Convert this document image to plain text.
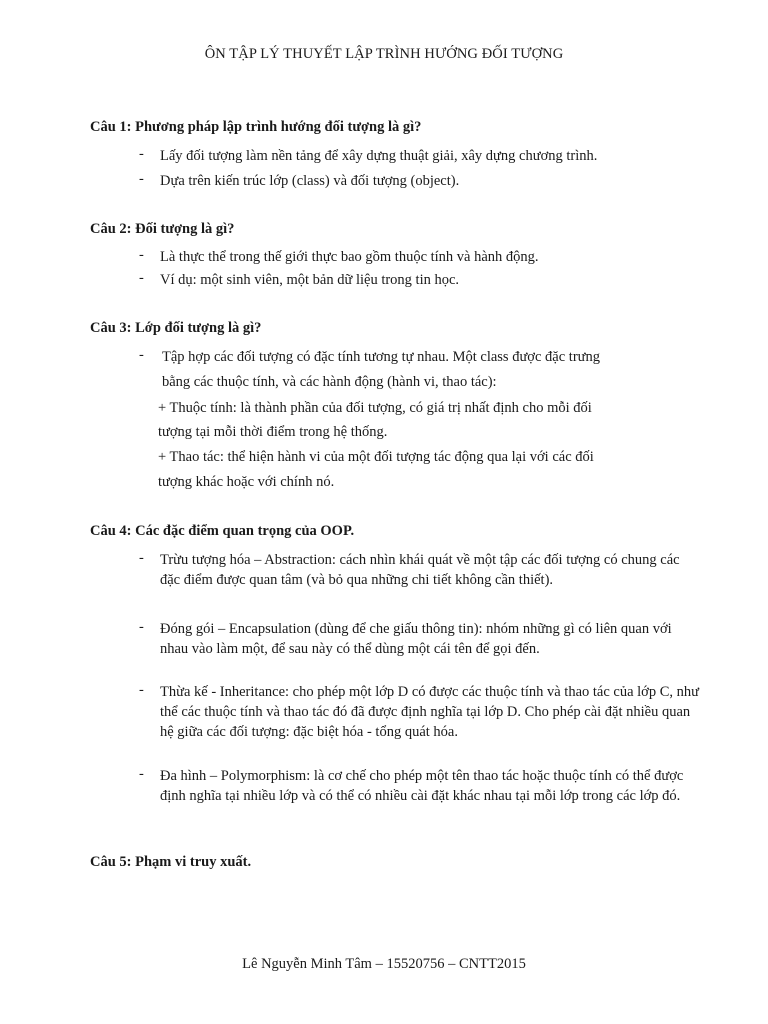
ÔN TẬP LÝ THUYẾT LẬP TRÌNH HƯỚNG ĐỐI TƯỢNG
Câu 1: Phương pháp lập trình hướng đối tượng là gì?
- Lấy đối tượng làm nền tảng để xây dựng thuật giải, xây dựng chương trình.
- Dựa trên kiến trúc lớp (class) và đối tượng (object).
Câu 2: Đối tượng là gì?
- Là thực thể trong thế giới thực bao gồm thuộc tính và hành động.
- Ví dụ: một sinh viên, một bản dữ liệu trong tin học.
Câu 3: Lớp đối tượng là gì?
- Tập hợp các đối tượng có đặc tính tương tự nhau. Một class được đặc trưng
bằng các thuộc tính, và các hành động (hành vi, thao tác):
+ Thuộc tính: là thành phần của đối tượng, có giá trị nhất định cho mỗi đối
tượng tại mỗi thời điểm trong hệ thống.
+ Thao tác: thể hiện hành vi của một đối tượng tác động qua lại với các đối
tượng khác hoặc với chính nó.
Câu 4: Các đặc điểm quan trọng của OOP.
- Trừu tượng hóa – Abstraction: cách nhìn khái quát về một tập các đối tượng có chung các đặc điểm được quan tâm (và bỏ qua những chi tiết không cần thiết).
- Đóng gói – Encapsulation (dùng để che giấu thông tin): nhóm những gì có liên quan với nhau vào làm một, để sau này có thể dùng một cái tên để gọi đến.
- Thừa kế - Inheritance: cho phép một lớp D có được các thuộc tính và thao tác của lớp C, như thể các thuộc tính và thao tác đó đã được định nghĩa tại lớp D. Cho phép cài đặt nhiều quan hệ giữa các đối tượng: đặc biệt hóa - tổng quát hóa.
- Đa hình – Polymorphism: là cơ chế cho phép một tên thao tác hoặc thuộc tính có thể được định nghĩa tại nhiều lớp và có thể có nhiều cài đặt khác nhau tại mỗi lớp trong các lớp đó.
Câu 5: Phạm vi truy xuất.
Lê Nguyễn Minh Tâm – 15520756 – CNTT2015
